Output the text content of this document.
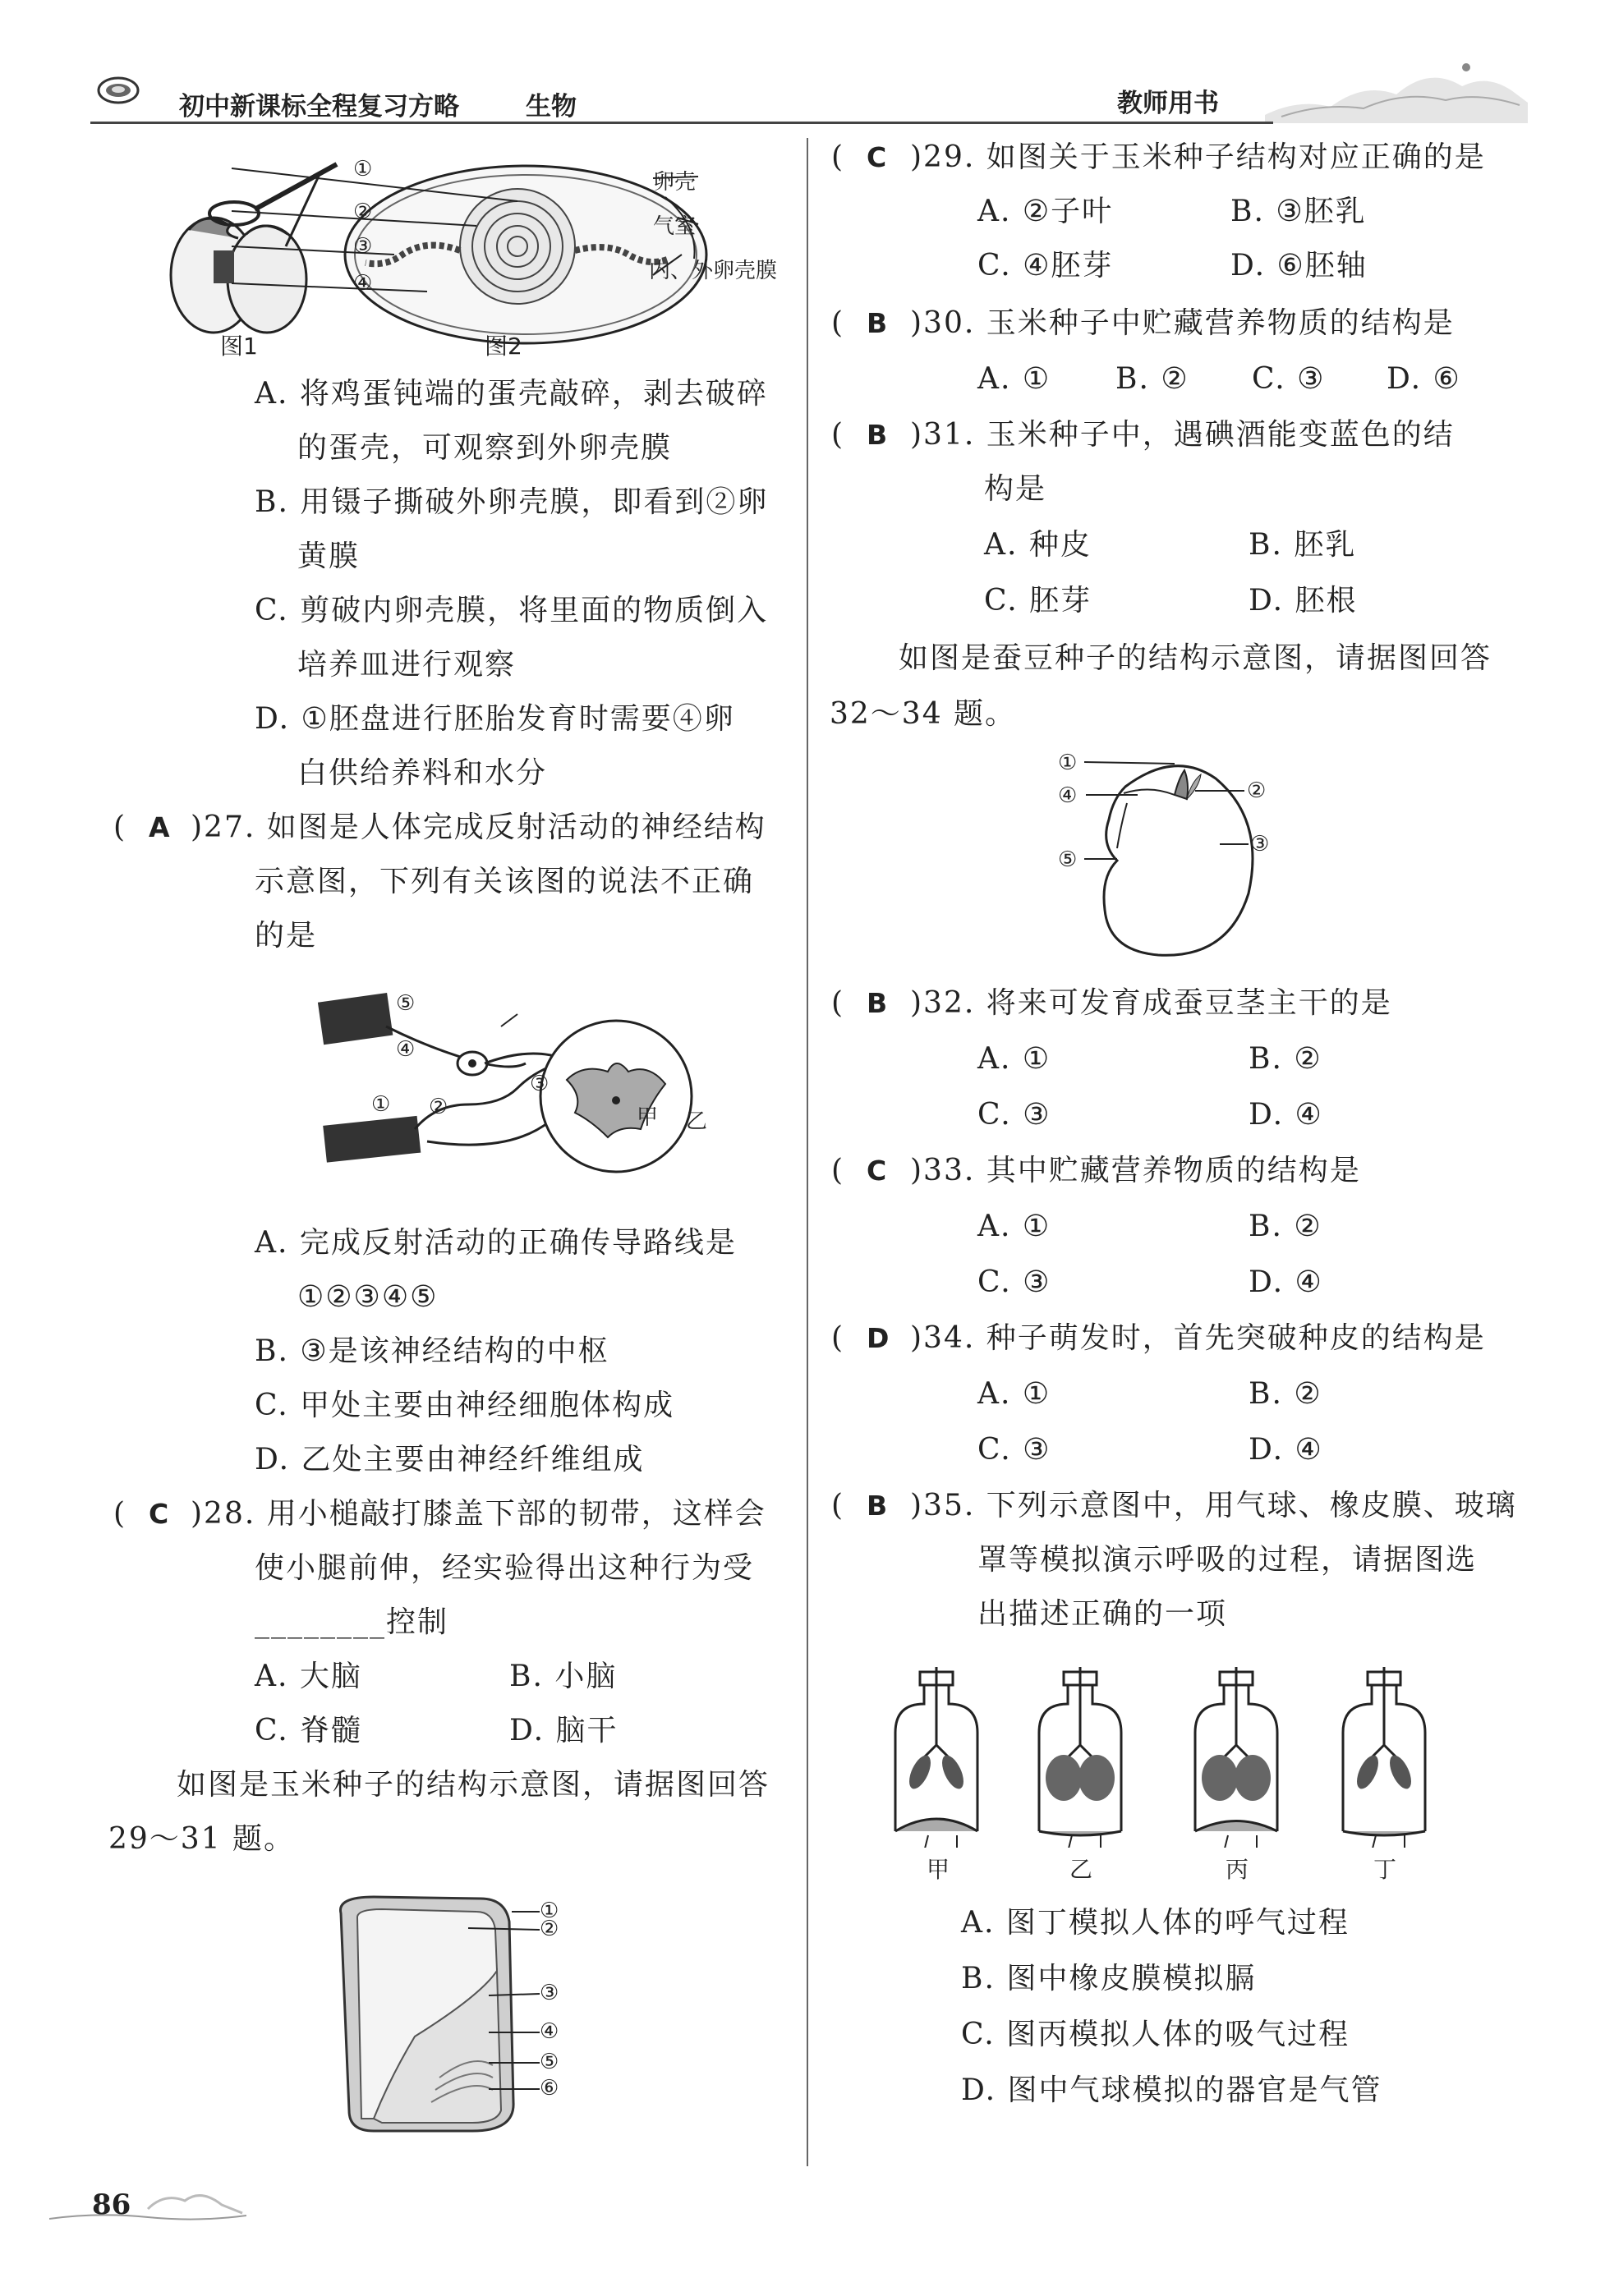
初中新课标全程复习方略	生物	教师用书
①
②
③
④
卵壳
气室
内、外卵壳膜
图1	图2
A. 将鸡蛋钝端的蛋壳敲碎，剥去破碎
的蛋壳，可观察到外卵壳膜
B. 用镊子撕破外卵壳膜，即看到②卵
黄膜
C. 剪破内卵壳膜，将里面的物质倒入
培养皿进行观察
D. ①胚盘进行胚胎发育时需要④卵
白供给养料和水分
(  A )27. 如图是人体完成反射活动的神经结构
示意图，下列有关该图的说法不正确
的是
⑤
④
① ②
③
甲 乙
A. 完成反射活动的正确传导路线是
①②③④⑤
B. ③是该神经结构的中枢
C. 甲处主要由神经细胞体构成
D. 乙处主要由神经纤维组成
(  C )28. 用小槌敲打膝盖下部的韧带，这样会
使小腿前伸，经实验得出这种行为受
________控制
A. 大脑	B. 小脑
C. 脊髓	D. 脑干
如图是玉米种子的结构示意图，请据图回答
29～31 题。
①
②
③
④
⑤
⑥
86
(  C )29. 如图关于玉米种子结构对应正确的是
A. ②子叶	B. ③胚乳
C. ④胚芽	D. ⑥胚轴
(  B )30. 玉米种子中贮藏营养物质的结构是
A. ① B. ② C. ③ D. ⑥
(  B )31. 玉米种子中，遇碘酒能变蓝色的结
构是
A. 种皮	B. 胚乳
C. 胚芽	D. 胚根
如图是蚕豆种子的结构示意图，请据图回答
32～34 题。
①
④
⑤
②
③
(  B )32. 将来可发育成蚕豆茎主干的是
A. ①	B. ②
C. ③	D. ④
(  C )33. 其中贮藏营养物质的结构是
A. ①	B. ②
C. ③	D. ④
(  D )34. 种子萌发时，首先突破种皮的结构是
A. ①	B. ②
C. ③	D. ④
(  B )35. 下列示意图中，用气球、橡皮膜、玻璃
罩等模拟演示呼吸的过程，请据图选
出描述正确的一项
甲	乙	丙	丁
A. 图丁模拟人体的呼气过程
B. 图中橡皮膜模拟膈
C. 图丙模拟人体的吸气过程
D. 图中气球模拟的器官是气管
